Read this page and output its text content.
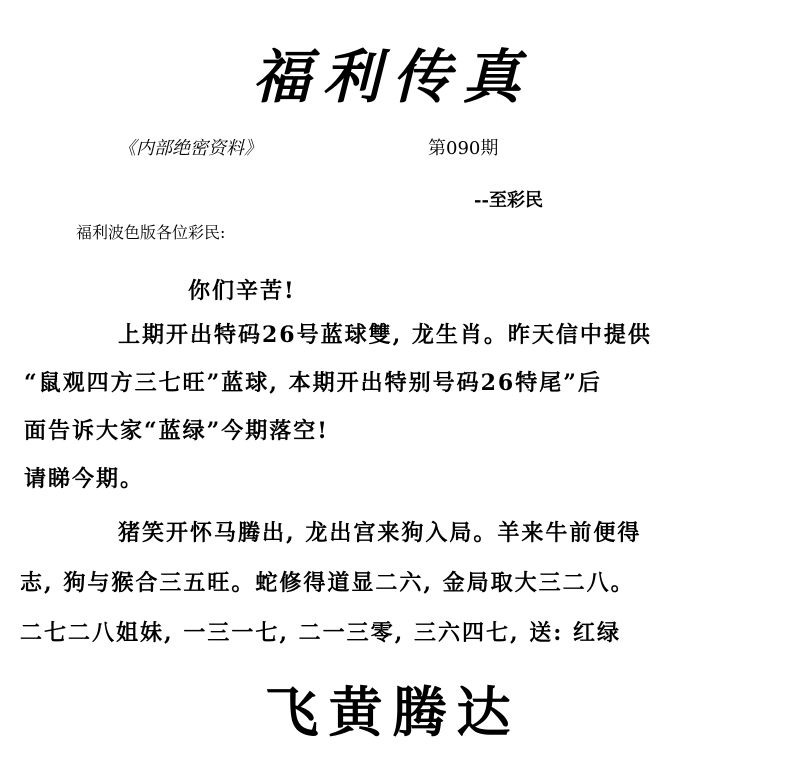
福利传真
《内部绝密资料》	第090期
--至彩民
福利波色版各位彩民:
你们辛苦!
上期开出特码26号蓝球雙, 龙生肖。昨天信中提供
“鼠观四方三七旺”蓝球, 本期开出特别号码26特尾”后
面告诉大家“蓝绿”今期落空!
请睇今期。
猪笑开怀马腾出, 龙出宫来狗入局。羊来牛前便得
志, 狗与猴合三五旺。蛇修得道显二六, 金局取大三二八。
二七二八姐妹, 一三一七, 二一三零, 三六四七, 送: 红绿
飞黄腾达
